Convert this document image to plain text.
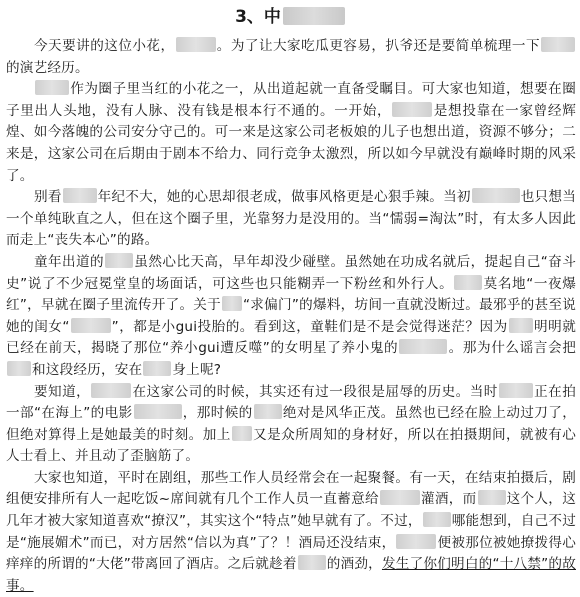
3、中

今天要讲的这位小花，	。为了让大家吃瓜更容易，扒爷还是要简单梳理一下的演艺经历。

作为圈子里当红的小花之一，从出道起就一直备受瞩目。可大家也知道，想要在圈子里出人头地，没有人脉、没有钱是根本行不通的。一开始，	是想投靠在一家曾经辉煌、如今落魄的公司安分守己的。可一来是这家公司老板娘的儿子也想出道，资源不够分；二来是，这家公司在后期由于剧本不给力、同行竞争太激烈，所以如今早就没有巅峰时期的风采了。

别看	年纪不大，她的心思却很老成，做事风格更是心狠手辣。当初	也只想当一个单纯耿直之人，但在这个圈子里，光靠努力是没用的。当“懦弱=淘汰”时，有太多人因此而走上“丧失本心”的路。

童年出道的 虽然心比天高，早年却没少碰壁。虽然她在功成名就后，提起自己“奋斗史”说了不少冠冕堂皇的场面话，可这些也只能糊弄一下粉丝和外行人。 莫名地“一夜爆红”，早就在圈子里流传开了。关于 “求偏门”的爆料，坊间一直就没断过。最邪乎的甚至说她的闺女“	”，都是小gui投胎的。看到这，童鞋们是不是会觉得迷茫？因为 明明就已经在前天，揭晓了那位“养小gui遭反噬”的女明星了养小鬼的	。那为什么谣言会把和这段经历，安在 身上呢?

要知道，	在这家公司的时候，其实还有过一段很是屈辱的历史。当时	正在拍一部“在海上”的电影	，那时候的 绝对是风华正茂。虽然也已经在脸上动过刀了，但绝对算得上是她最美的时刻。加上 又是众所周知的身材好，所以在拍摄期间，就被有心人士看上、并且动了歪脑筋了。

大家也知道，平时在剧组，那些工作人员经常会在一起聚餐。有一天，在结束拍摄后，剧组便安排所有人一起吃饭~席间就有几个工作人员一直蓄意给	灌酒，而 这个人，这几年才被大家知道喜欢“撩汉”，其实这个“特点”她早就有了。不过， 哪能想到，自己不过是“施展媚术”而已，对方居然“信以为真”了？！酒局还没结束，	便被那位被她撩拨得心痒痒的所谓的“大佬”带离回了酒店。之后就趁着 的酒劲，发生了你们明白的“十八禁”的故事。
